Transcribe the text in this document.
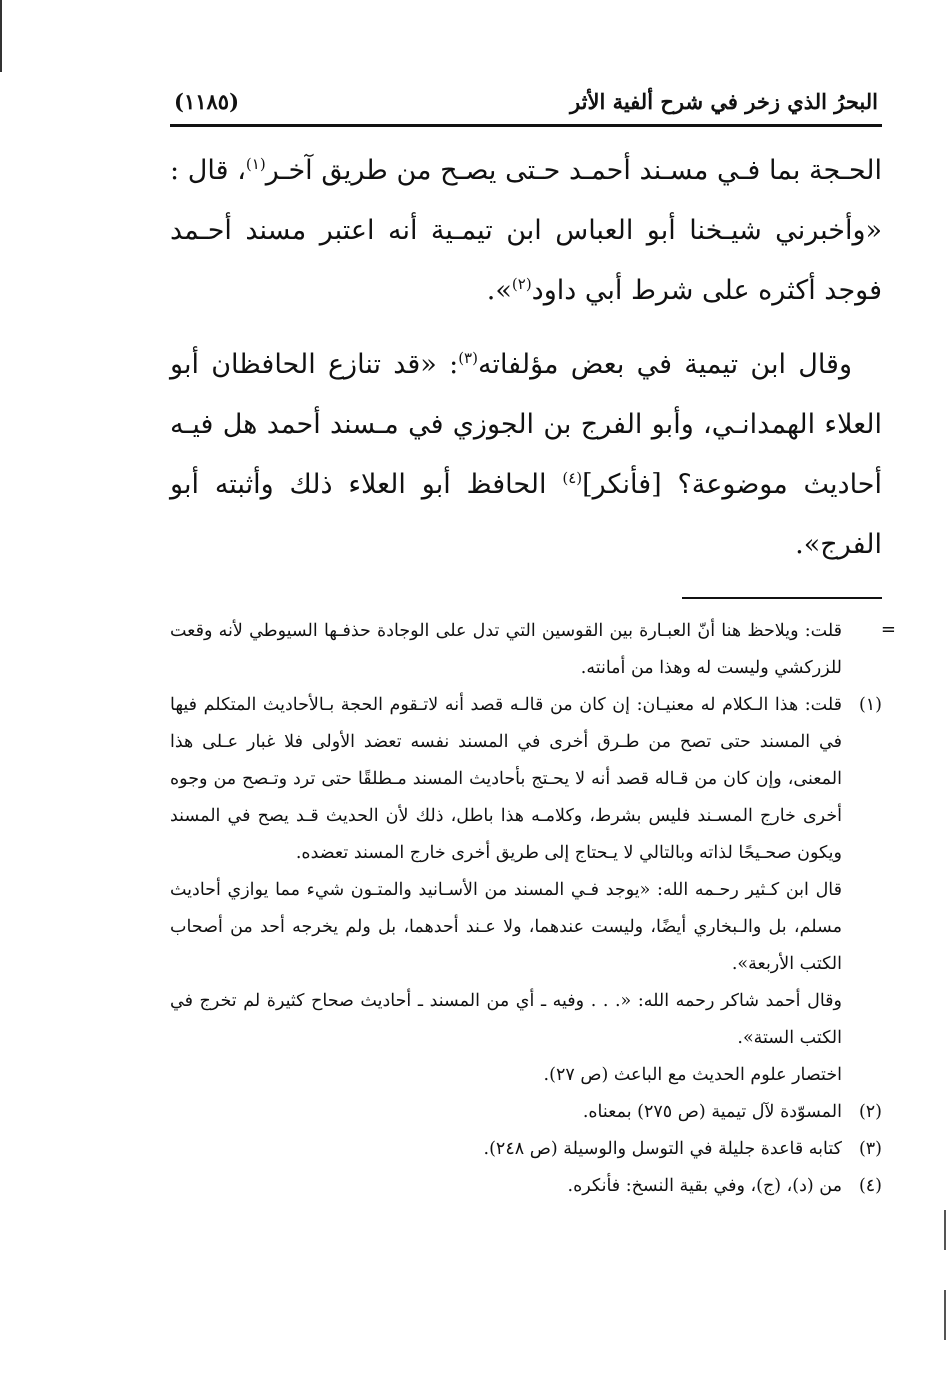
البحرُ الذي زخر في شرح ألفية الأثر
(١١٨٥)

الحـجة بما فـي مسـند أحمـد حـتى يصـح من طريق آخـر$^{(١)}$، قال : «وأخبرني شيـخنا أبو العباس ابن تيمـية أنه اعتبر مسند أحـمد فوجد أكثره على شرط أبي داود$^{(٢)}$».

وقال ابن تيمية في بعض مؤلفاته$^{(٣)}$: «قد تنازع الحافظان أبو العلاء الهمدانـي، وأبو الفرج بن الجوزي في مـسند أحمد هل فيـه أحاديث موضوعة؟ [فأنكر]$^{(٤)}$ الحافظ أبو العلاء ذلك وأثبته أبو الفرج».

=

قلت: ويلاحظ هنا أنّ العبـارة بين القوسين التي تدل على الوجادة حذفـها السيوطي لأنه وقعت للزركشي وليست له وهذا من أمانته.

(١)
قلت: هذا الـكلام له معنيـان: إن كان من قالـه قصد أنه لاتـقوم الحجة بـالأحاديث المتكلم فيها في المسند حتى تصح من طـرق أخرى في المسند نفسه تعضد الأولى فلا غبار عـلى هذا المعنى، وإن كان من قـاله قصد أنه لا يحـتج بأحاديث المسند مـطلقًا حتى ترد وتـصح من وجوه أخرى خارج المسـند فليس بشرط، وكلامـه هذا باطل، ذلك لأن الحديث قـد يصح في المسند ويكون صحـيحًا لذاته وبالتالي لا يـحتاج إلى طريق أخرى خارج المسند تعضده.

قال ابن كـثير رحـمه الله: «يوجد فـي المسند من الأسـانيد والمتـون شيء مما يوازي أحاديث مسلم، بل والـبخاري أيضًا، وليست عندهما، ولا عـند أحدهما، بل ولم يخرجه أحد من أصحاب الكتب الأربعة».

وقال أحمد شاكر رحمه الله: «. . . وفيه ـ أي من المسند ـ أحاديث صحاح كثيرة لم تخرج في الكتب الستة».

اختصار علوم الحديث مع الباعث (ص ٢٧).

(٢)
المسوّدة لآل تيمية (ص ٢٧٥) بمعناه.

(٣)
كتابه قاعدة جليلة في التوسل والوسيلة (ص ٢٤٨).

(٤)
من (د)، (ج)، وفي بقية النسخ: فأنكره.
